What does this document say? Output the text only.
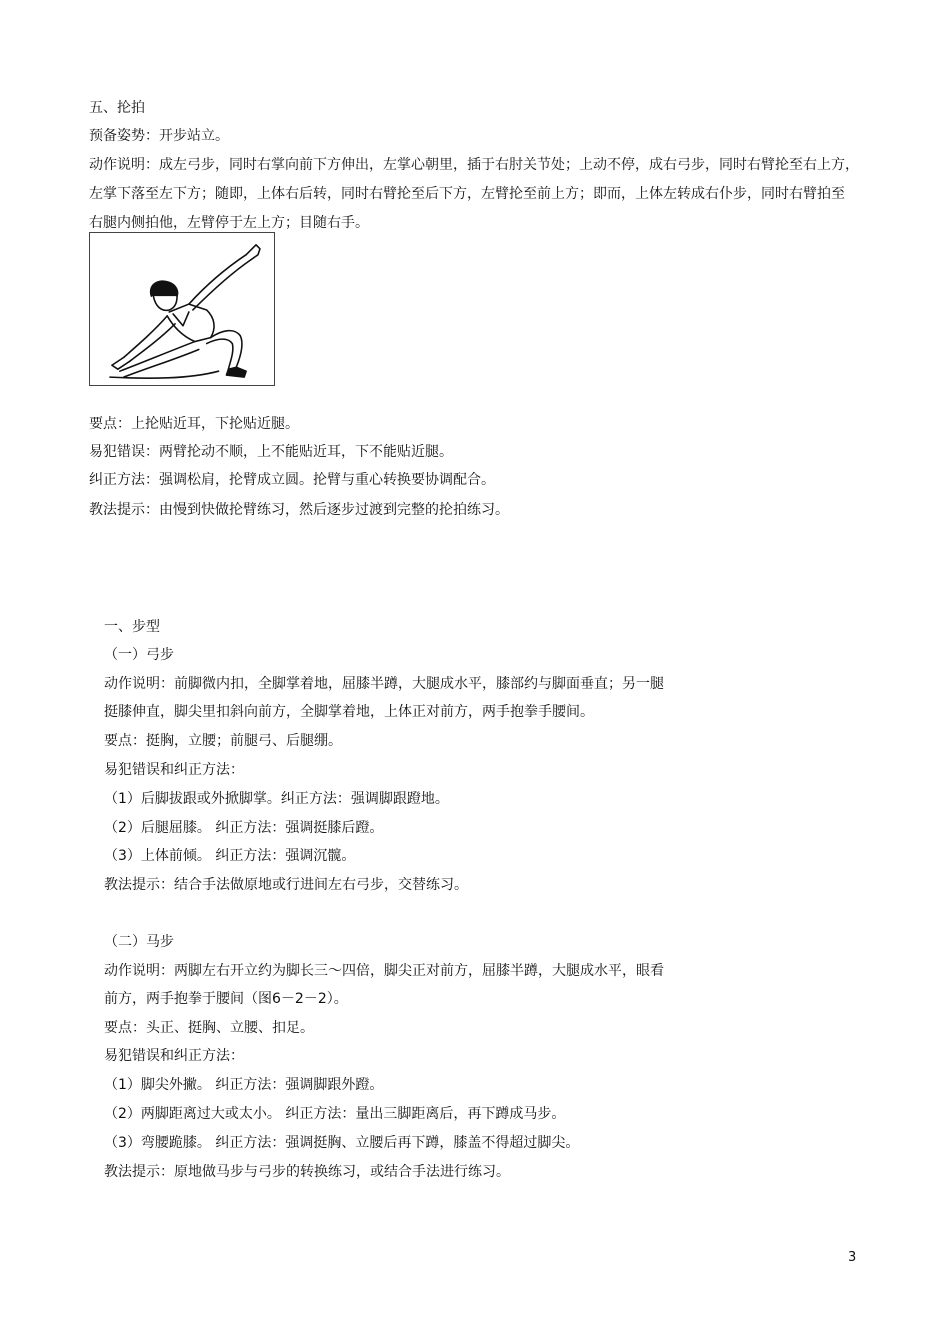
五、抡拍
预备姿势：开步站立。
动作说明：成左弓步，同时右掌向前下方伸出，左掌心朝里，插于右肘关节处；上动不停，成右弓步，同时右臂抡至右上方，
左掌下落至左下方；随即，上体右后转，同时右臂抡至后下方，左臂抡至前上方；即而，上体左转成右仆步，同时右臂拍至
右腿内侧拍他，左臂停于左上方；目随右手。
要点：上抡贴近耳，下抡贴近腿。
易犯错误：两臂抡动不顺，上不能贴近耳，下不能贴近腿。
纠正方法：强调松肩，抡臂成立圆。抡臂与重心转换要协调配合。
教法提示：由慢到快做抡臂练习，然后逐步过渡到完整的抡拍练习。
一、步型
（一）弓步
动作说明：前脚微内扣，全脚掌着地，屈膝半蹲，大腿成水平，膝部约与脚面垂直；另一腿
挺膝伸直，脚尖里扣斜向前方，全脚掌着地，上体正对前方，两手抱拳手腰间。
要点：挺胸，立腰；前腿弓、后腿绷。
易犯错误和纠正方法：
（1）后脚拔跟或外掀脚掌。纠正方法：强调脚跟蹬地。
（2）后腿屈膝。 纠正方法：强调挺膝后蹬。
（3）上体前倾。 纠正方法：强调沉髋。
教法提示：结合手法做原地或行进间左右弓步，交替练习。
（二）马步
动作说明：两脚左右开立约为脚长三～四倍，脚尖正对前方，屈膝半蹲，大腿成水平，眼看
前方，两手抱拳于腰间（图6－2－2）。
要点：头正、挺胸、立腰、扣足。
易犯错误和纠正方法：
（1）脚尖外撇。 纠正方法：强调脚跟外蹬。
（2）两脚距离过大或太小。 纠正方法：量出三脚距离后，再下蹲成马步。
（3）弯腰跪膝。 纠正方法：强调挺胸、立腰后再下蹲，膝盖不得超过脚尖。
教法提示：原地做马步与弓步的转换练习，或结合手法进行练习。
3
